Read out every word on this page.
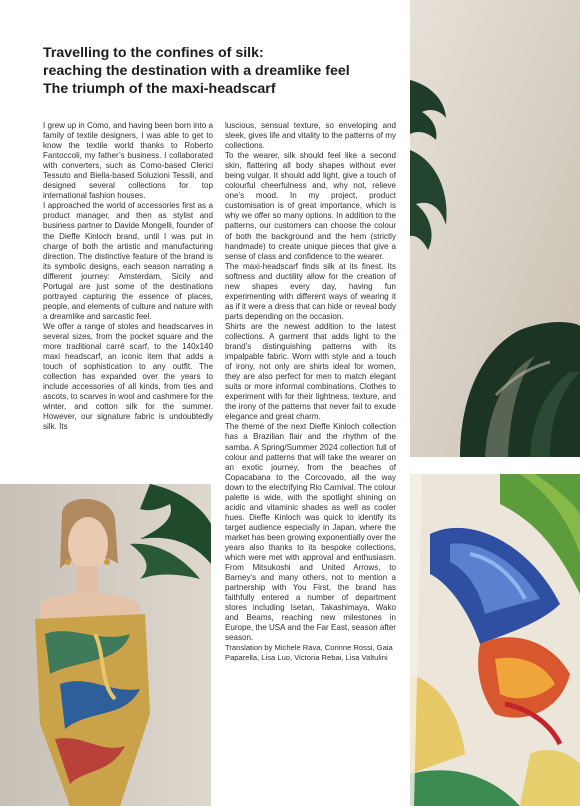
Travelling to the confines of silk:
reaching the destination with a dreamlike feel
The triumph of the maxi-headscarf

I grew up in Como, and having been born into a family of textile designers, I was able to get to know the textile world thanks to Roberto Fantoccoli, my father’s business. I collaborated with converters, such as Como-based Clerici Tessuto and Biella-based Soluzioni Tessili, and designed several collections for top international fashion houses.

I approached the world of accessories first as a product manager, and then as stylist and business partner to Davide Mongelli, founder of the Dieffe Kinloch brand, until I was put in charge of both the artistic and manufacturing direction. The distinctive feature of the brand is its symbolic designs, each season narrating a different journey: Amsterdam, Sicily and Portugal are just some of the destinations portrayed capturing the essence of places, people, and elements of culture and nature with a dreamlike and sarcastic feel.

We offer a range of stoles and headscarves in several sizes, from the pocket square and the more traditional carré scarf, to the 140x140 maxi headscarf, an iconic item that adds a touch of sophistication to any outfit. The collection has expanded over the years to include accessories of all kinds, from ties and ascots, to scarves in wool and cashmere for the winter, and cotton silk for the summer. However, our signature fabric is undoubtedly silk. Its

luscious, sensual texture, so enveloping and sleek, gives life and vitality to the patterns of my collections.

To the wearer, silk should feel like a second skin, flattering all body shapes without ever being vulgar. It should add light, give a touch of colourful cheerfulness and, why not, relieve one’s mood. In my project, product customisation is of great importance, which is why we offer so many options. In addition to the patterns, our customers can choose the colour of both the background and the hem (strictly handmade) to create unique pieces that give a sense of class and confidence to the wearer.

The maxi-headscarf finds silk at its finest. Its softness and ductility allow for the creation of new shapes every day, having fun experimenting with different ways of wearing it as if it were a dress that can hide or reveal body parts depending on the occasion.

Shirts are the newest addition to the latest collections. A garment that adds light to the brand’s distinguishing patterns with its impalpable fabric. Worn with style and a touch of irony, not only are shirts ideal for women, they are also perfect for men to match elegant suits or more informal combinations. Clothes to experiment with for their lightness, texture, and the irony of the patterns that never fail to exude elegance and great charm.

The theme of the next Dieffe Kinloch collection has a Brazilian flair and the rhythm of the samba. A Spring/Summer 2024 collection full of colour and patterns that will take the wearer on an exotic journey, from the beaches of Copacabana to the Corcovado, all the way down to the electrifying Rio Carnival. The colour palette is wide, with the spotlight shining on acidic and vitaminic shades as well as cooler hues. Dieffe Kinloch was quick to identify its target audience especially in Japan, where the market has been growing exponentially over the years also thanks to its bespoke collections, which were met with approval and enthusiasm. From Mitsukoshi and United Arrows, to Barney’s and many others, not to mention a partnership with You First, the brand has faithfully entered a number of department stores including Isetan, Takashimaya, Wako and Beams, reaching new milestones in Europe, the USA and the Far East, season after season.

Translation by Michele Rava, Corinne Rossi, Gaia Paparella, Lisa Luo, Victoria Rebai, Lisa Valtulini
